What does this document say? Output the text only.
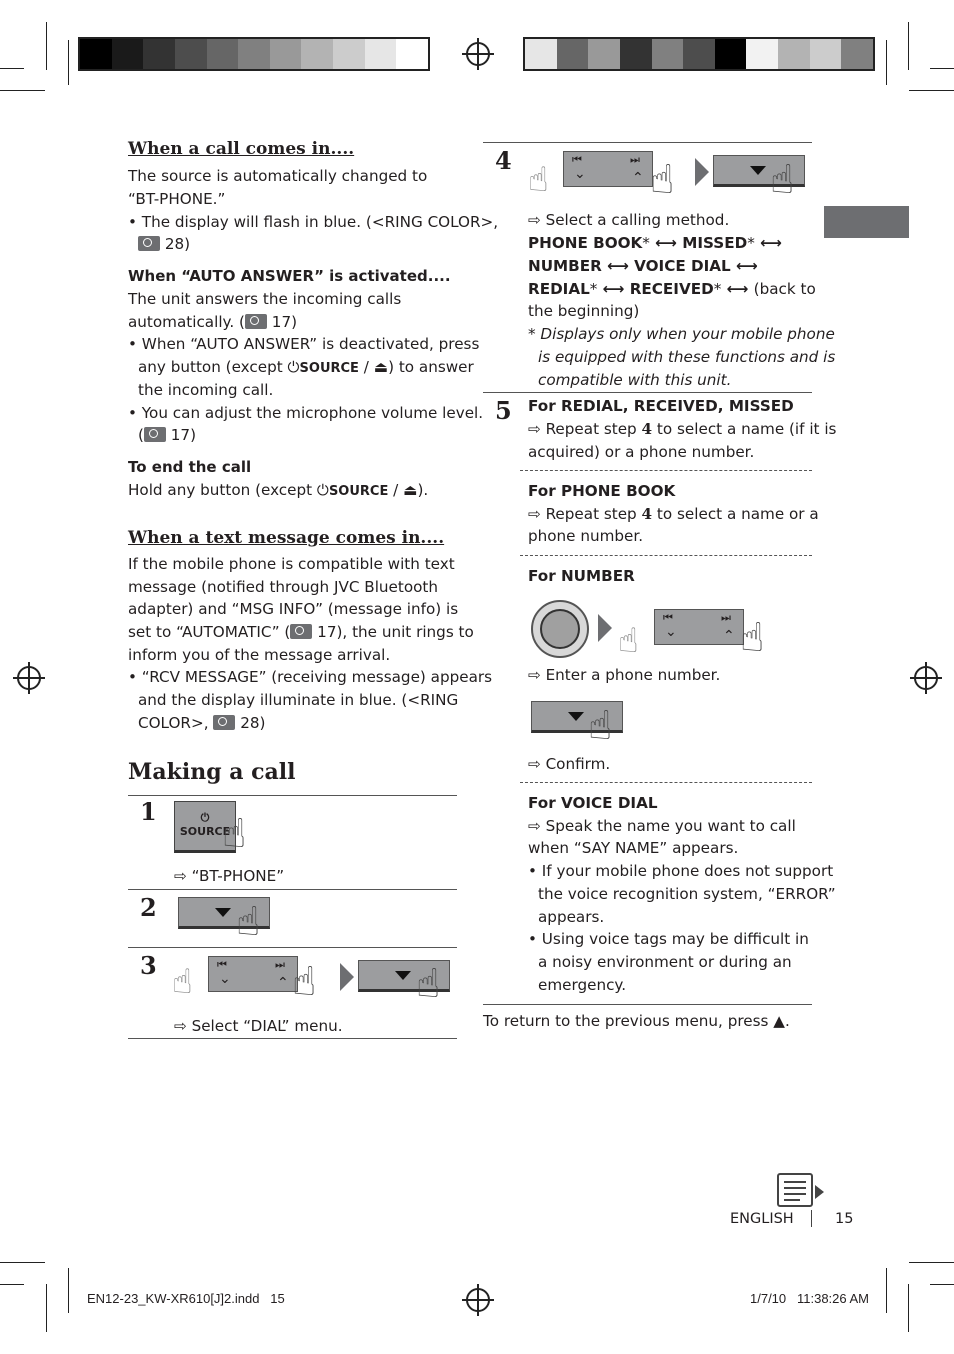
When a call comes in....
The source is automatically changed to
“BT-PHONE.”
• The display will flash in blue. (<RING COLOR>,
28)
When “AUTO ANSWER” is activated....
The unit answers the incoming calls
automatically. ( 17)
• When “AUTO ANSWER” is deactivated, press
any button (except ⏻SOURCE / ⏏) to answer
the incoming call.
• You can adjust the microphone volume level.
( 17)
To end the call
Hold any button (except ⏻SOURCE / ⏏).
When a text message comes in....
If the mobile phone is compatible with text
message (notified through JVC Bluetooth
adapter) and “MSG INFO” (message info) is
set to “AUTOMATIC” ( 17), the unit rings to
inform you of the message arrival.
• “RCV MESSAGE” (receiving message) appears
and the display illuminate in blue. (<RING
COLOR>,  28)
Making a call
1	⏻
SOURCE
☝
⇨ “BT-PHONE”
2 ☝
3 ☝ ⏮	⏭
⌄	⌃ ☝ ☝
⇨ Select “DIAL” menu.
4 ☝
⏮	⏭
⌄	⌃ ☝ ☝
⇨ Select a calling method.
PHONE BOOK* ⟷ MISSED* ⟷
NUMBER ⟷ VOICE DIAL ⟷
REDIAL* ⟷ RECEIVED* ⟷ (back to
the beginning)
* Displays only when your mobile phone
is equipped with these functions and is
compatible with this unit.
5 For REDIAL, RECEIVED, MISSED
⇨ Repeat step 4 to select a name (if it is
acquired) or a phone number.
For PHONE BOOK
⇨ Repeat step 4 to select a name or a
phone number.
For NUMBER
☝
⏮	⏭
⌄	⌃ ☝
⇨ Enter a phone number.
☝
⇨ Confirm.
For VOICE DIAL
⇨ Speak the name you want to call
when “SAY NAME” appears.
• If your mobile phone does not support
the voice recognition system, “ERROR”
appears.
• Using voice tags may be difficult in
a noisy environment or during an
emergency.
To return to the previous menu, press ▲.
ENGLISH	15
EN12-23_KW-XR610[J]2.indd   15	1/7/10   11:38:26 AM
